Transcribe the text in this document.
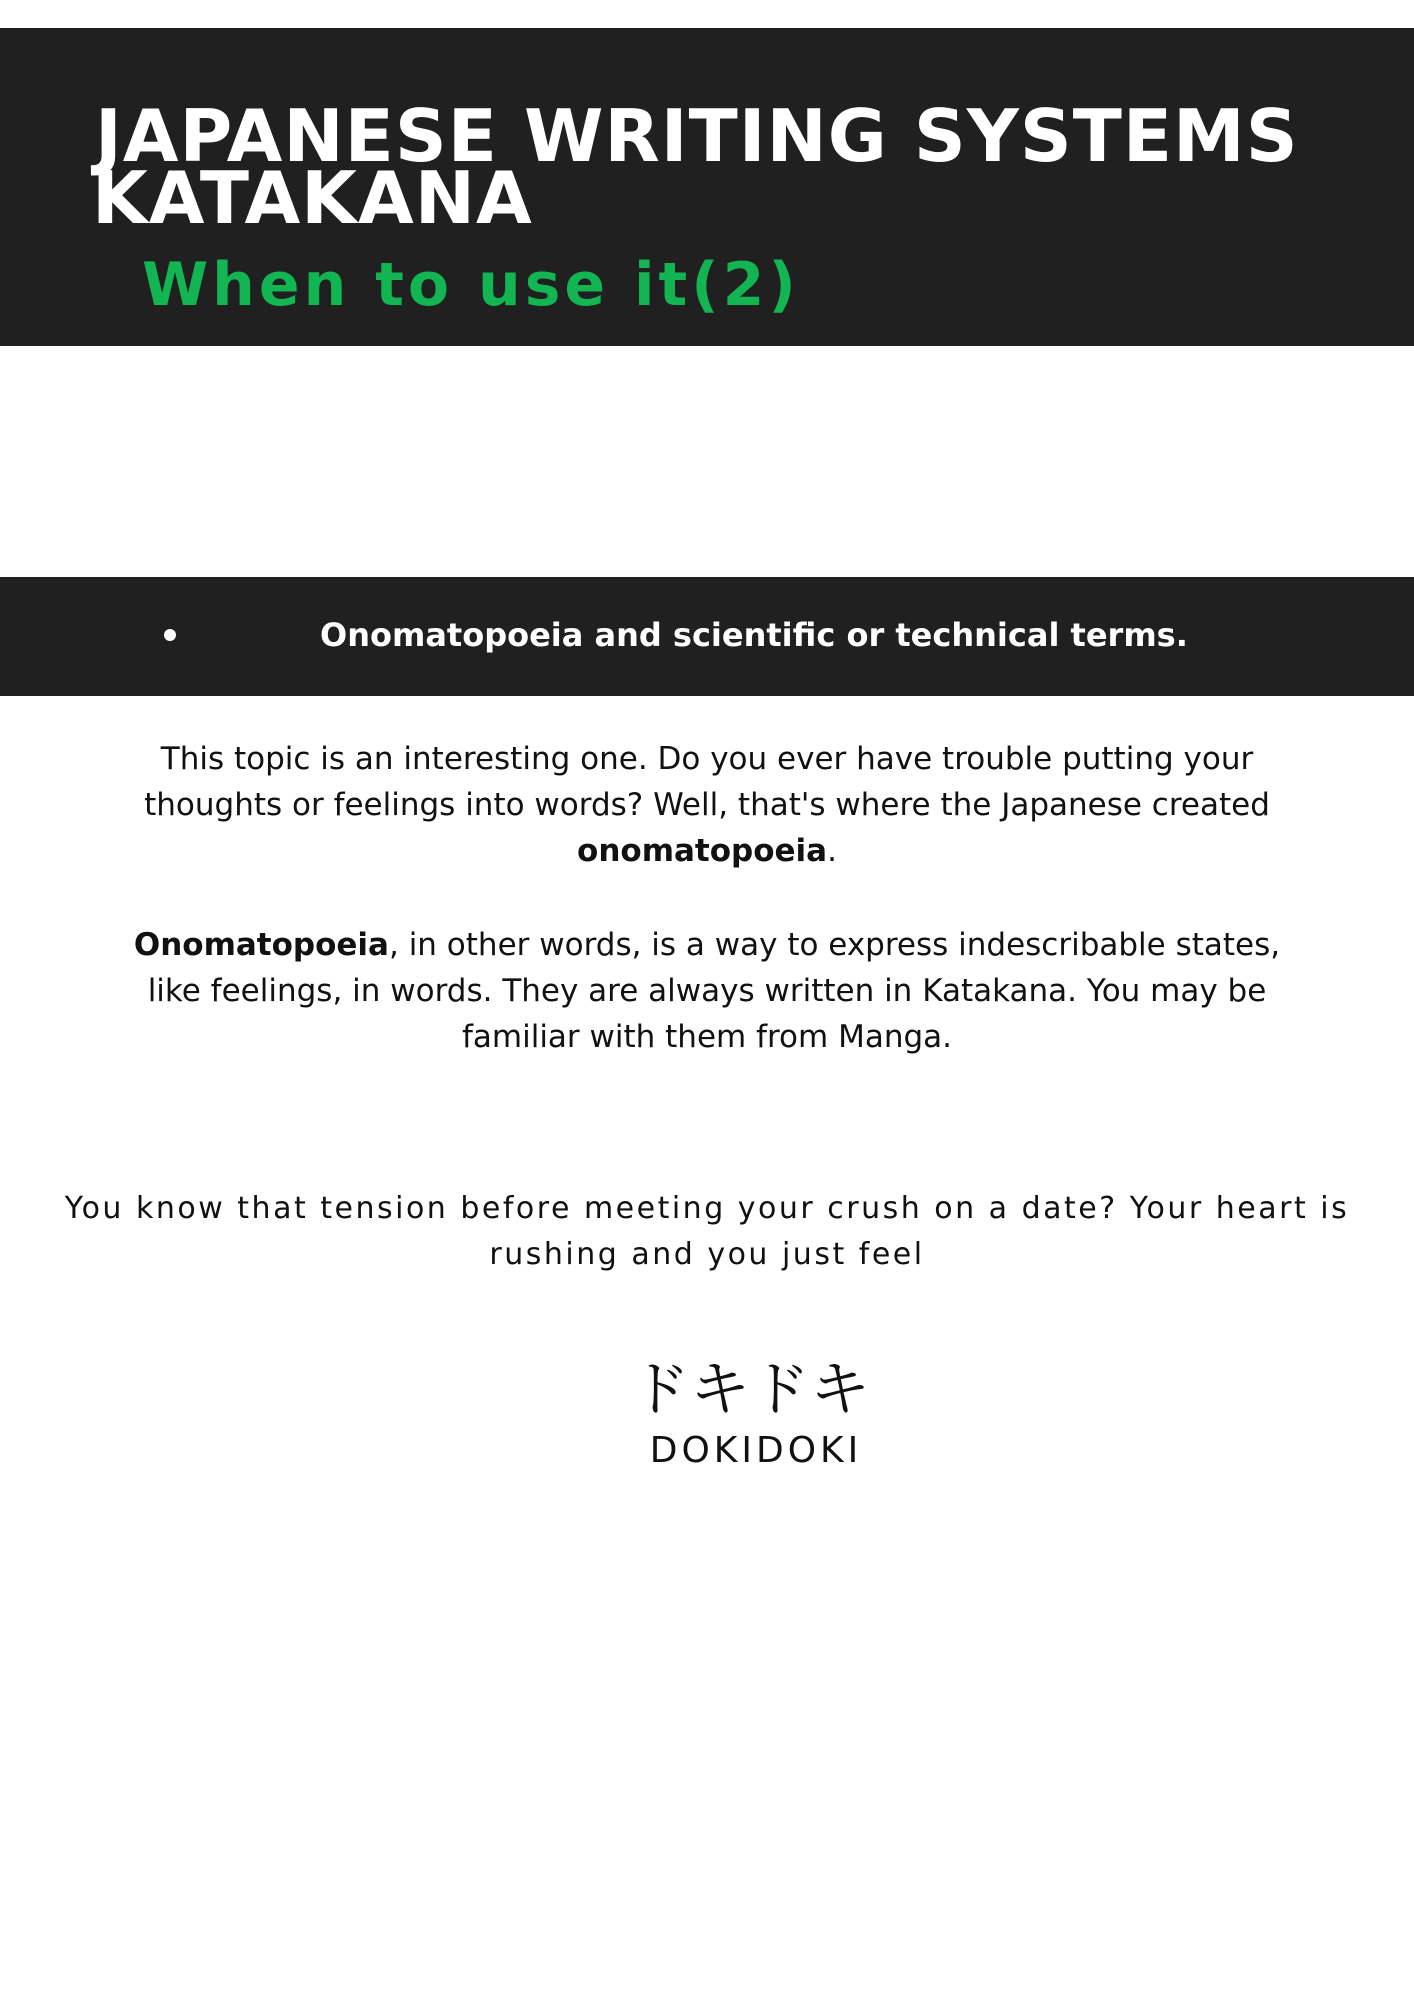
JAPANESE WRITING SYSTEMS
KATAKANA
When to use it(2)

Onomatopoeia and scientific or technical terms.

This topic is an interesting one. Do you ever have trouble putting your thoughts or feelings into words? Well, that's where the Japanese created onomatopoeia.

Onomatopoeia, in other words, is a way to express indescribable states, like feelings, in words. They are always written in Katakana. You may be familiar with them from Manga.

You know that tension before meeting your crush on a date? Your heart is rushing and you just feel

ドキドキ

DOKIDOKI
